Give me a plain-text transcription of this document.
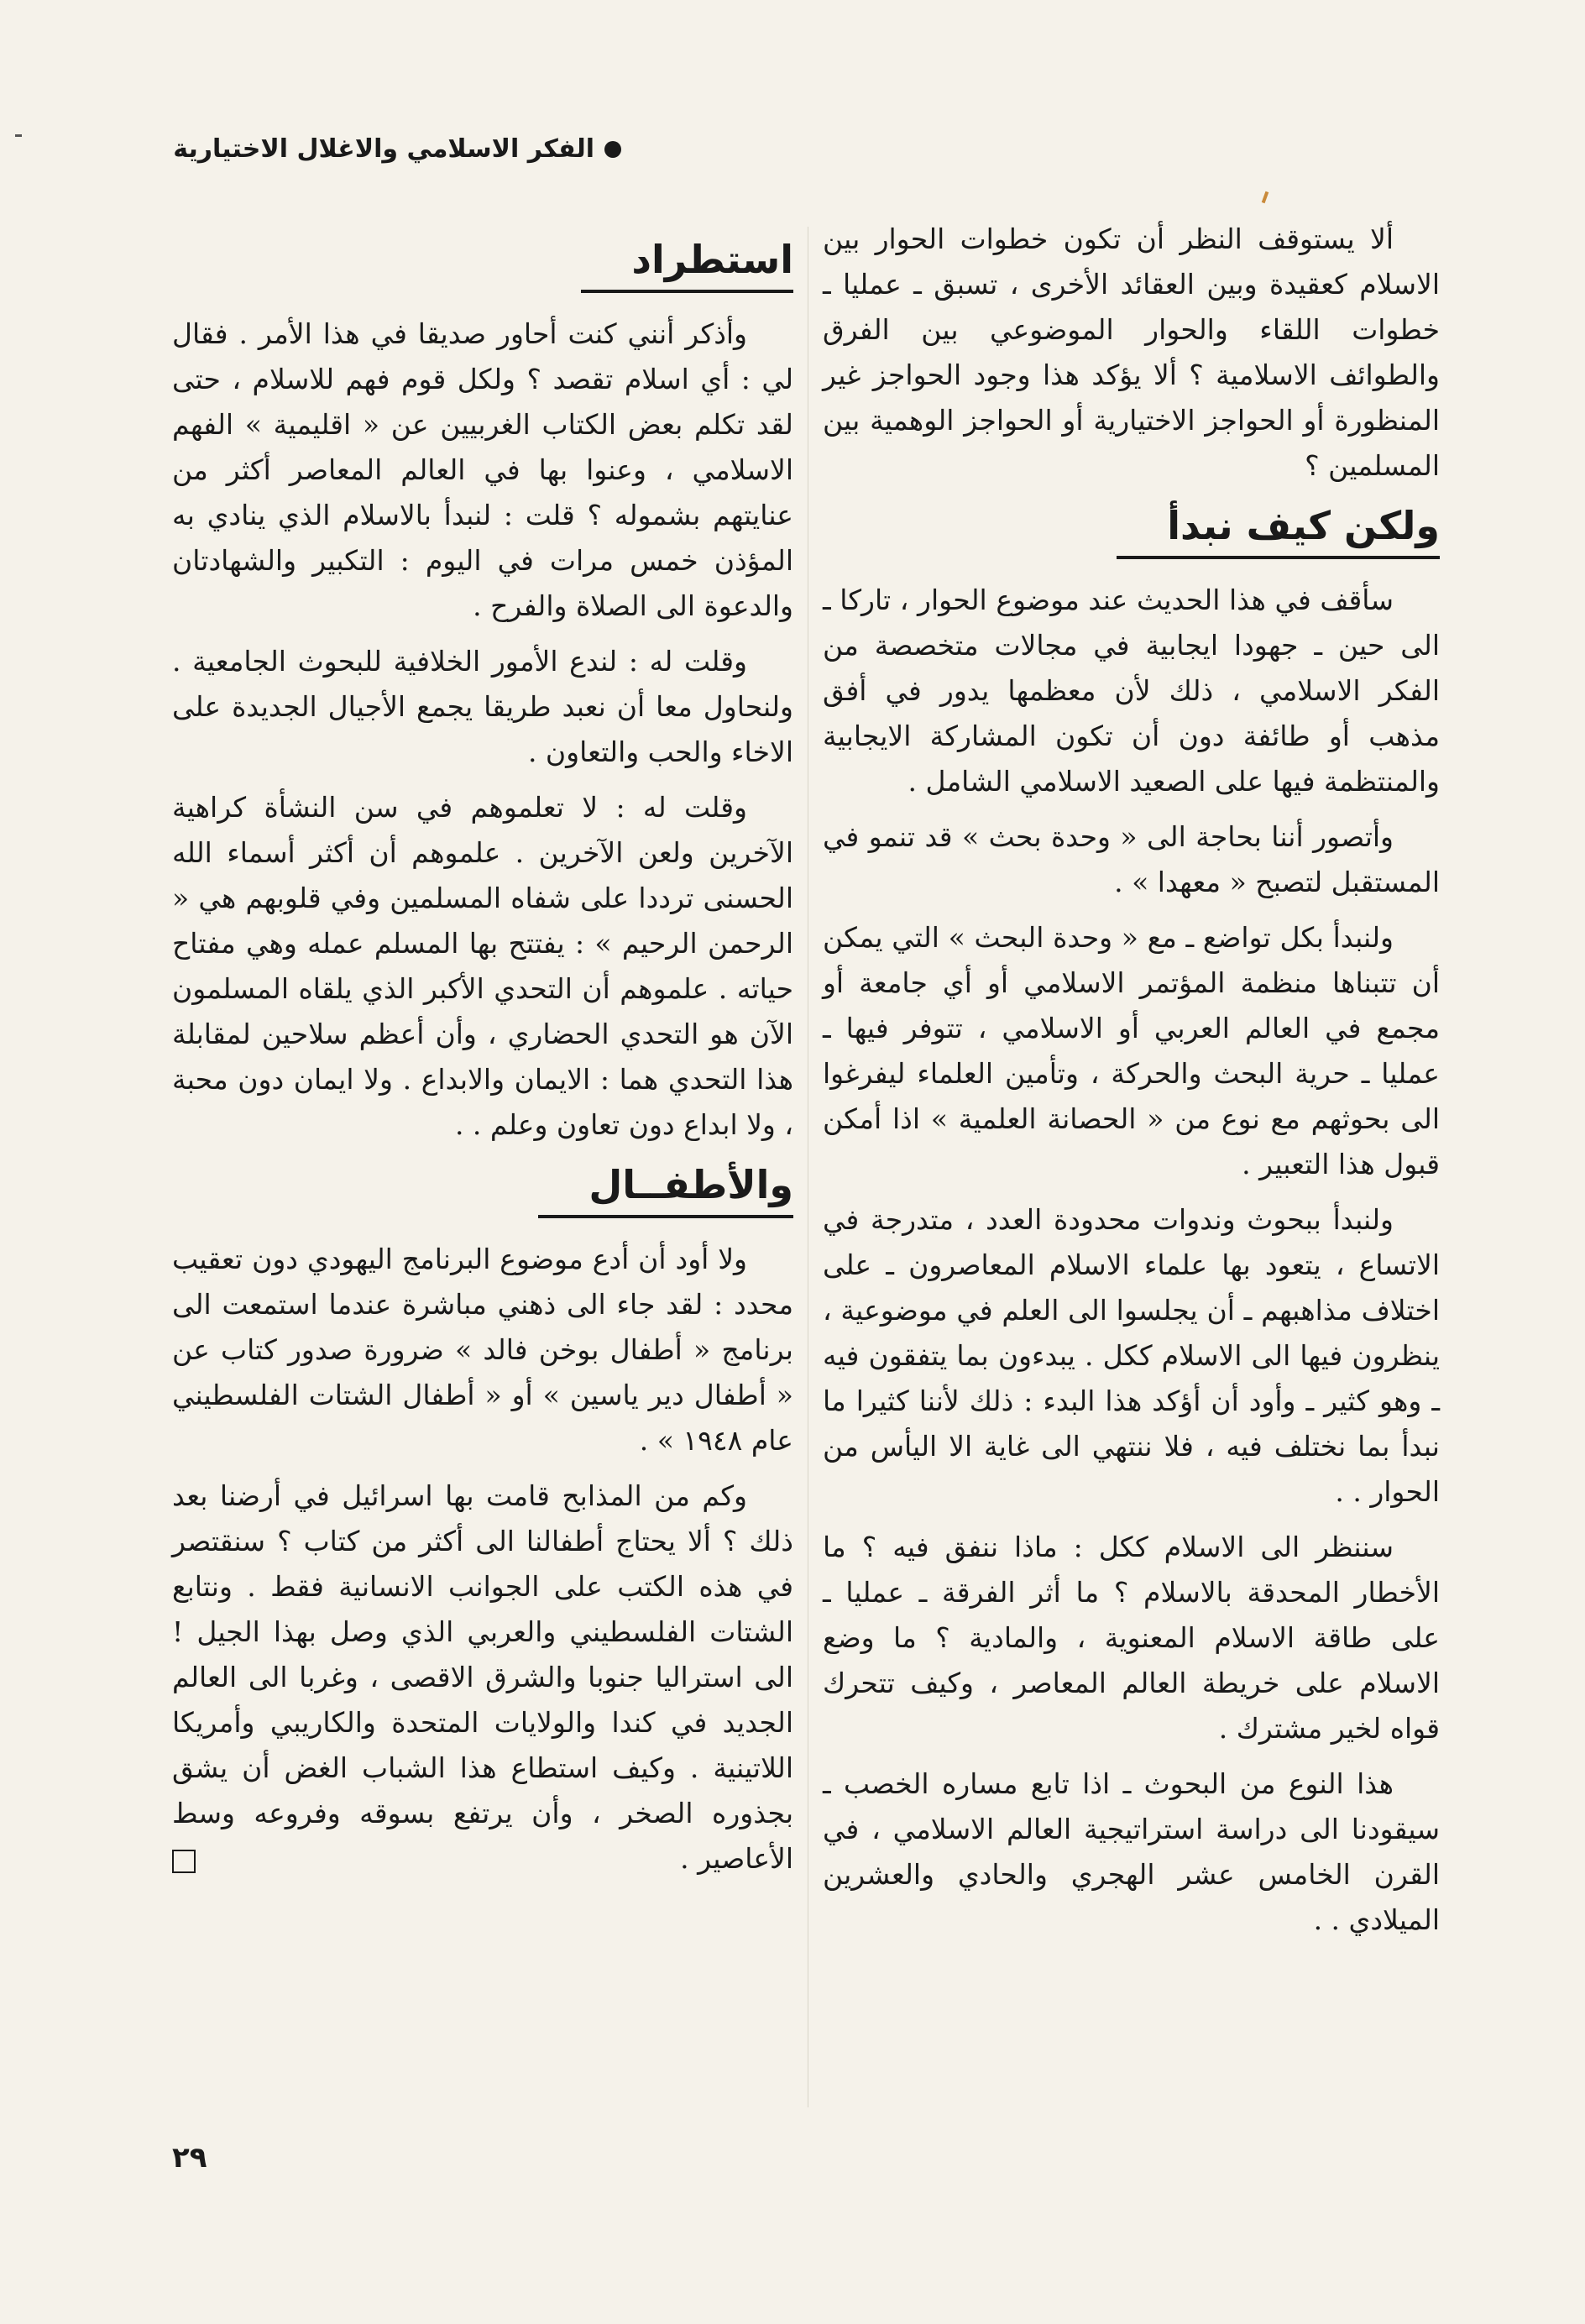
الفكر الاسلامي والاغلال الاختيارية

ألا يستوقف النظر أن تكون خطوات الحوار بين الاسلام كعقيدة وبين العقائد الأخرى ، تسبق ـ عمليا ـ خطوات اللقاء والحوار الموضوعي بين الفرق والطوائف الاسلامية ؟ ألا يؤكد هذا وجود الحواجز غير المنظورة أو الحواجز الاختيارية أو الحواجز الوهمية بين المسلمين ؟

ولكن كيف نبدأ

سأقف في هذا الحديث عند موضوع الحوار ، تاركا ـ الى حين ـ جهودا ايجابية في مجالات متخصصة من الفكر الاسلامي ، ذلك لأن معظمها يدور في أفق مذهب أو طائفة دون أن تكون المشاركة الايجابية والمنتظمة فيها على الصعيد الاسلامي الشامل .

وأتصور أننا بحاجة الى « وحدة بحث » قد تنمو في المستقبل لتصبح « معهدا » .

ولنبدأ بكل تواضع ـ مع « وحدة البحث » التي يمكن أن تتبناها منظمة المؤتمر الاسلامي أو أي جامعة أو مجمع في العالم العربي أو الاسلامي ، تتوفر فيها ـ عمليا ـ حرية البحث والحركة ، وتأمين العلماء ليفرغوا الى بحوثهم مع نوع من « الحصانة العلمية » اذا أمكن قبول هذا التعبير .

ولنبدأ ببحوث وندوات محدودة العدد ، متدرجة في الاتساع ، يتعود بها علماء الاسلام المعاصرون ـ على اختلاف مذاهبهم ـ أن يجلسوا الى العلم في موضوعية ، ينظرون فيها الى الاسلام ككل . يبدءون بما يتفقون فيه ـ وهو كثير ـ وأود أن أؤكد هذا البدء : ذلك لأننا كثيرا ما نبدأ بما نختلف فيه ، فلا ننتهي الى غاية الا اليأس من الحوار . .

سننظر الى الاسلام ككل : ماذا ننفق فيه ؟ ما الأخطار المحدقة بالاسلام ؟ ما أثر الفرقة ـ عمليا ـ على طاقة الاسلام المعنوية ، والمادية ؟ ما وضع الاسلام على خريطة العالم المعاصر ، وكيف تتحرك قواه لخير مشترك .

هذا النوع من البحوث ـ اذا تابع مساره الخصب ـ سيقودنا الى دراسة استراتيجية العالم الاسلامي ، في القرن الخامس عشر الهجري والحادي والعشرين الميلادي . .

استطراد

وأذكر أنني كنت أحاور صديقا في هذا الأمر . فقال لي : أي اسلام تقصد ؟ ولكل قوم فهم للاسلام ، حتى لقد تكلم بعض الكتاب الغربيين عن « اقليمية » الفهم الاسلامي ، وعنوا بها في العالم المعاصر أكثر من عنايتهم بشموله ؟ قلت : لنبدأ بالاسلام الذي ينادي به المؤذن خمس مرات في اليوم : التكبير والشهادتان والدعوة الى الصلاة والفرح .

وقلت له : لندع الأمور الخلافية للبحوث الجامعية . ولنحاول معا أن نعبد طريقا يجمع الأجيال الجديدة على الاخاء والحب والتعاون .

وقلت له : لا تعلموهم في سن النشأة كراهية الآخرين ولعن الآخرين . علموهم أن أكثر أسماء الله الحسنى ترددا على شفاه المسلمين وفي قلوبهم هي « الرحمن الرحيم » : يفتتح بها المسلم عمله وهي مفتاح حياته . علموهم أن التحدي الأكبر الذي يلقاه المسلمون الآن هو التحدي الحضاري ، وأن أعظم سلاحين لمقابلة هذا التحدي هما : الايمان والابداع . ولا ايمان دون محبة ، ولا ابداع دون تعاون وعلم . .

والأطفــال

ولا أود أن أدع موضوع البرنامج اليهودي دون تعقيب محدد : لقد جاء الى ذهني مباشرة عندما استمعت الى برنامج « أطفال بوخن فالد » ضرورة صدور كتاب عن « أطفال دير ياسين » أو « أطفال الشتات الفلسطيني عام ١٩٤٨ » .

وكم من المذابح قامت بها اسرائيل في أرضنا بعد ذلك ؟ ألا يحتاج أطفالنا الى أكثر من كتاب ؟ سنقتصر في هذه الكتب على الجوانب الانسانية فقط . ونتابع الشتات الفلسطيني والعربي الذي وصل بهذا الجيل ! الى استراليا جنوبا والشرق الاقصى ، وغربا الى العالم الجديد في كندا والولايات المتحدة والكاريبي وأمريكا اللاتينية . وكيف استطاع هذا الشباب الغض أن يشق بجذوره الصخر ، وأن يرتفع بسوقه وفروعه وسط الأعاصير .

٢٩
